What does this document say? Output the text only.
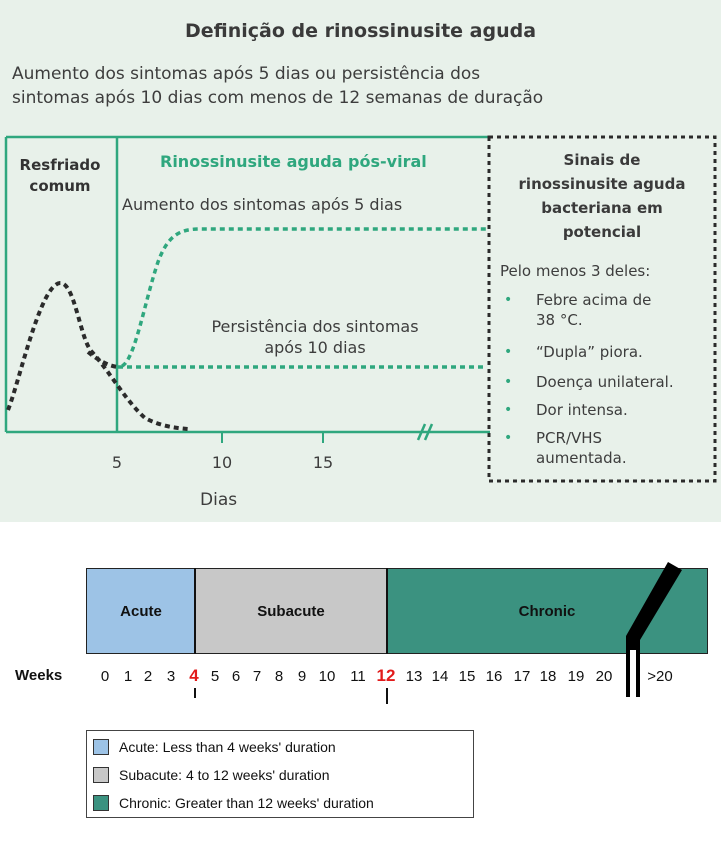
Definição de rinossinusite aguda
Aumento dos sintomas após 5 dias ou persistência dos
sintomas após 10 dias com menos de 12 semanas de duração
Resfriado
comum
Rinossinusite aguda pós-viral
Aumento dos sintomas após 5 dias
Persistência dos sintomas
após 10 dias
5	10	15
Dias
Sinais de
rinossinusite aguda
bacteriana em
potencial
Pelo menos 3 deles:
• Febre acima de
38 °C.
• “Dupla” piora.
• Doença unilateral.
• Dor intensa.
• PCR/VHS
aumentada.
Acute	Subacute	Chronic
Weeks	0 1 2 3 4 5 6 7 8 9 10 11 12 13 14 15 16 17 18 19 20	>20
Acute: Less than 4 weeks' duration
Subacute: 4 to 12 weeks' duration
Chronic: Greater than 12 weeks' duration
